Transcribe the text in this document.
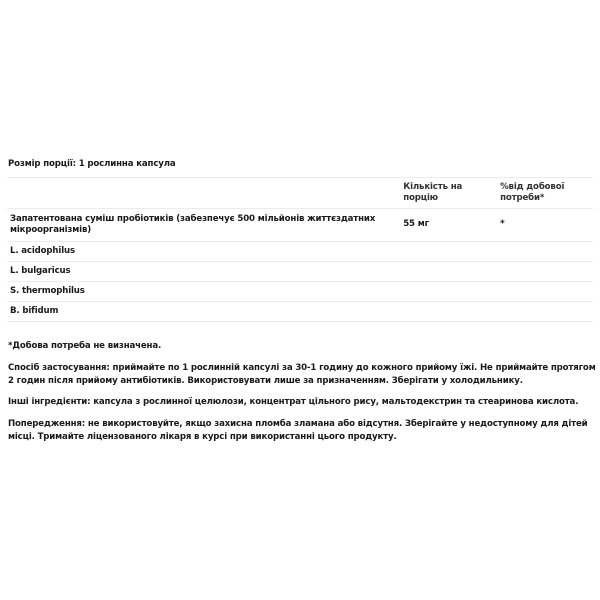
Розмір порції: 1 рослинна капсула
	Кількість на порцію	%від добової потреби*
Запатентована суміш пробіотиків (забезпечує 500 мільйонів життєздатних мікроорганізмів)	55 мг	*
L. acidophilus		
L. bulgaricus		
S. thermophilus		
B. bifidum		
*Добова потреба не визначена.
Спосіб застосування: приймайте по 1 рослинній капсулі за 30-1 годину до кожного прийому їжі. Не приймайте протягом 2 годин після прийому антибіотиків. Використовувати лише за призначенням. Зберігати у холодильнику.
Інші інгредієнти: капсула з рослинної целюлози, концентрат цільного рису, мальтодекстрин та стеаринова кислота.
Попередження: не використовуйте, якщо захисна пломба зламана або відсутня. Зберігайте у недоступному для дітей місці. Тримайте ліцензованого лікаря в курсі при використанні цього продукту.
